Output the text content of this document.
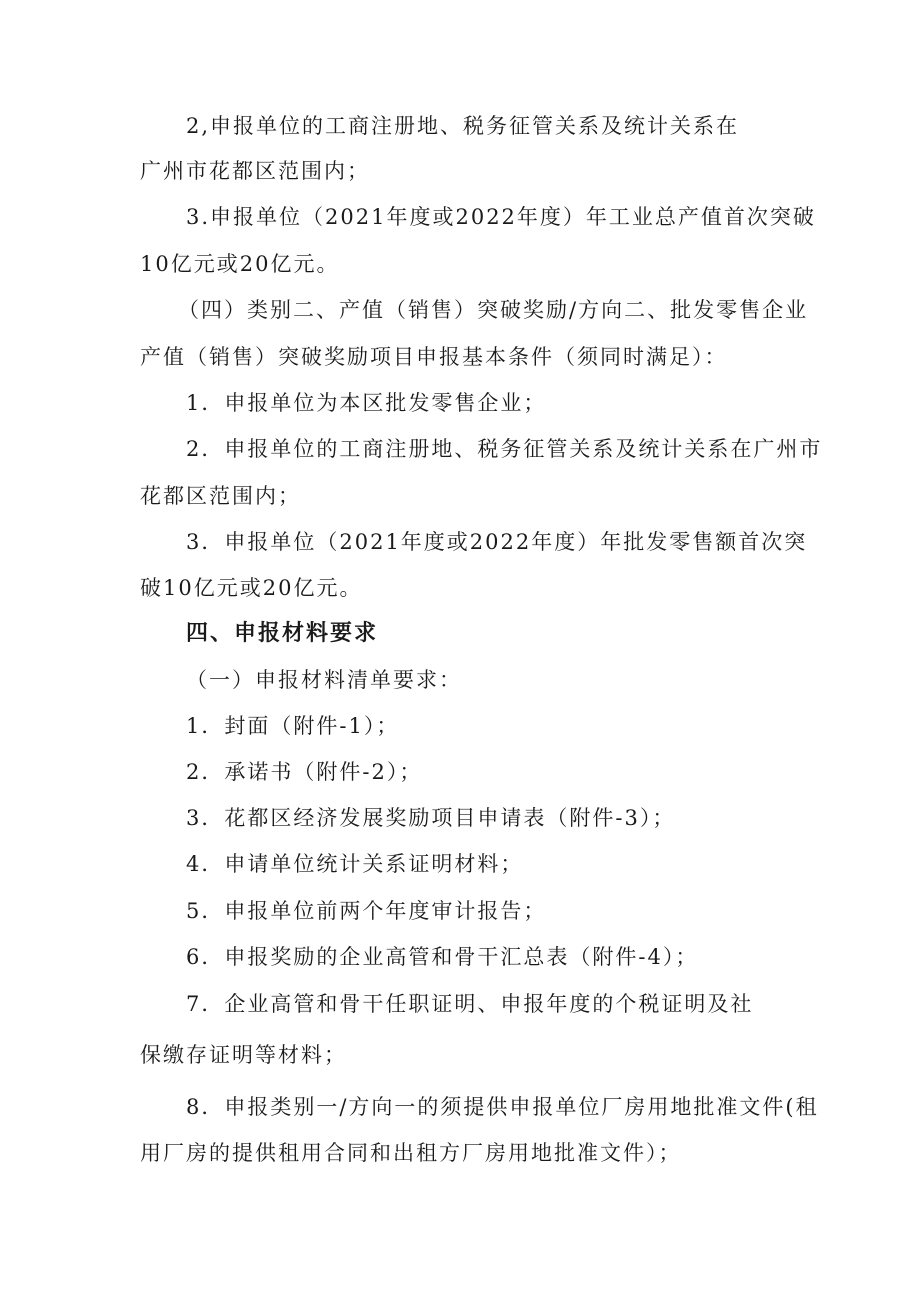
2,申报单位的工商注册地、税务征管关系及统计关系在
广州市花都区范围内；
3.申报单位（2021年度或2022年度）年工业总产值首次突破
10亿元或20亿元。
（四）类别二、产值（销售）突破奖励/方向二、批发零售企业
产值（销售）突破奖励项目申报基本条件（须同时满足）：
1．申报单位为本区批发零售企业；
2．申报单位的工商注册地、税务征管关系及统计关系在广州市
花都区范围内；
3．申报单位（2021年度或2022年度）年批发零售额首次突
破10亿元或20亿元。
四、申报材料要求
（一）申报材料清单要求：
1．封面（附件-1）；
2．承诺书（附件-2）；
3．花都区经济发展奖励项目申请表（附件-3）；
4．申请单位统计关系证明材料；
5．申报单位前两个年度审计报告；
6．申报奖励的企业高管和骨干汇总表（附件-4）；
7．企业高管和骨干任职证明、申报年度的个税证明及社
保缴存证明等材料；
8．申报类别一/方向一的须提供申报单位厂房用地批准文件(租
用厂房的提供租用合同和出租方厂房用地批准文件）；
